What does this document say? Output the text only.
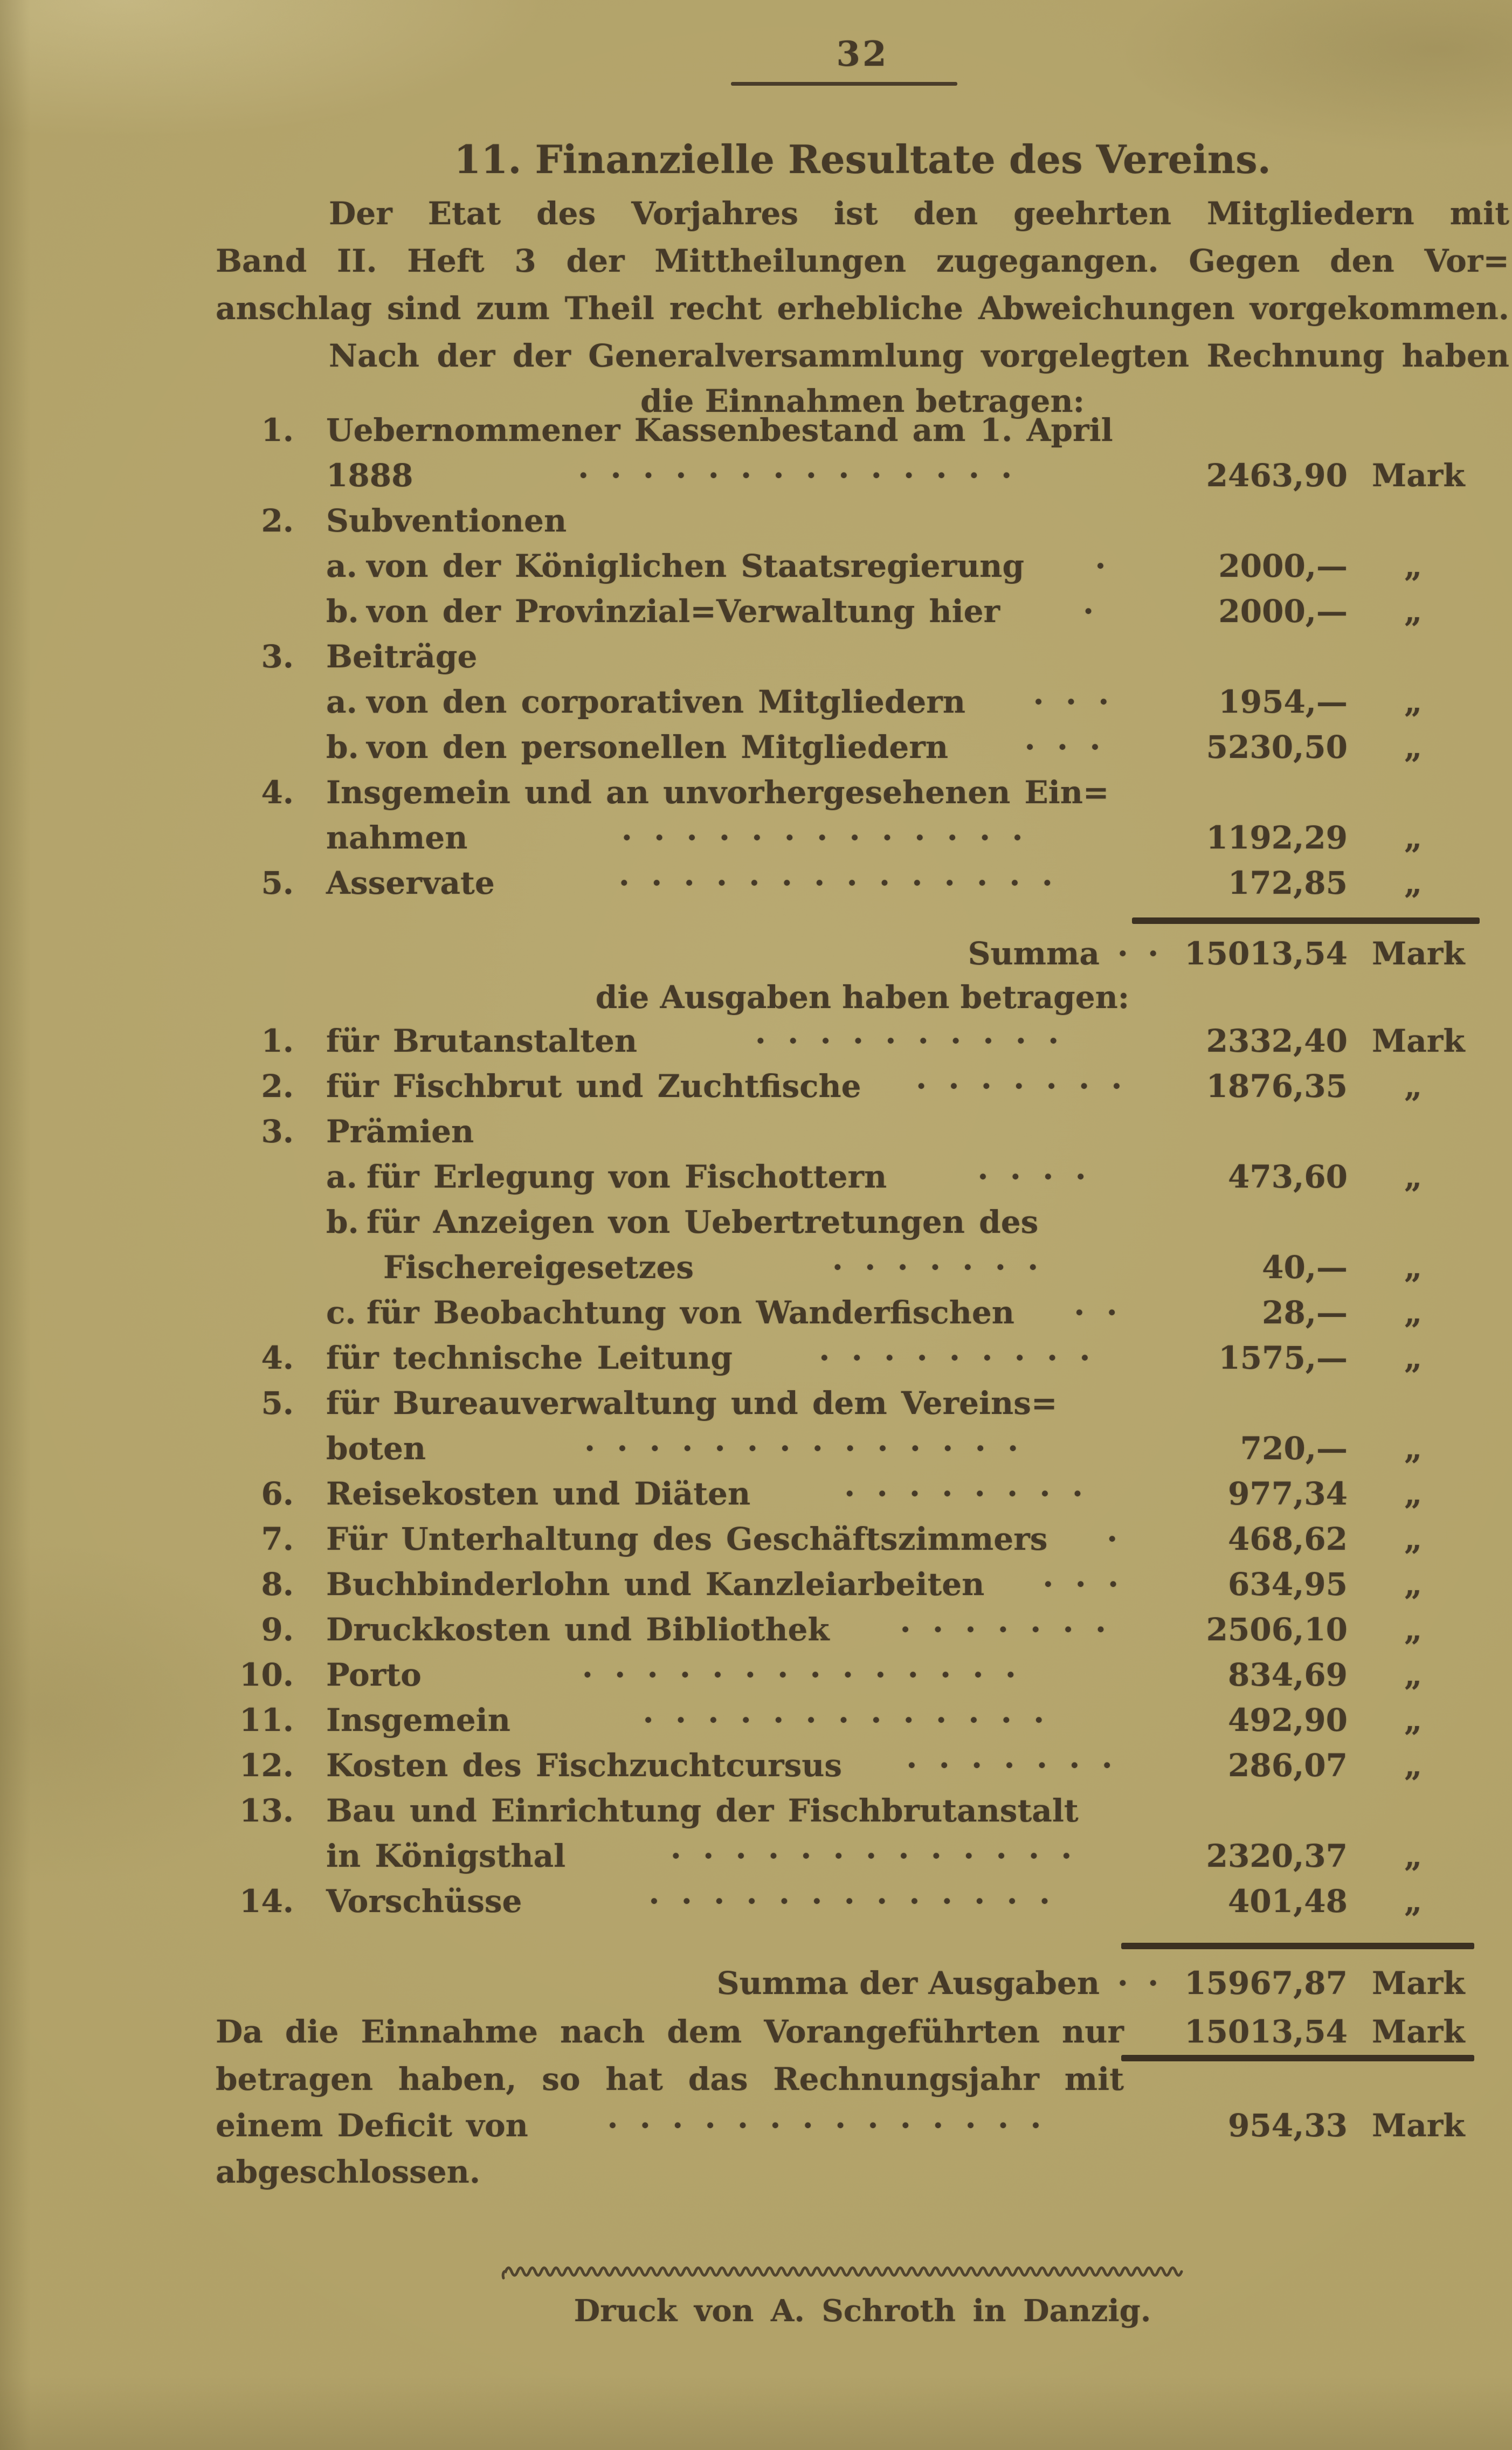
32
11. Finanzielle Resultate des Vereins.
Der Etat des Vorjahres ist den geehrten Mitgliedern mit
Band II. Heft 3 der Mittheilungen zugegangen. Gegen den Vor=
anschlag sind zum Theil recht erhebliche Abweichungen vorgekommen.
Nach der der Generalversammlung vorgelegten Rechnung haben
die Einnahmen betragen:
1. Uebernommener Kassenbestand am 1. April
1888	· · · · · · · · · · · · · ·	2463,90 Mark
2. Subventionen
a. von der Königlichen Staatsregierung	·	2000,—	„
b. von der Provinzial=Verwaltung hier	·	2000,—	„
3. Beiträge
a. von den corporativen Mitgliedern	· · ·	1954,—	„
b. von den personellen Mitgliedern	· · ·	5230,50	„
4. Insgemein und an unvorhergesehenen Ein=
nahmen	· · · · · · · · · · · · ·	1192,29	„
5. Asservate	· · · · · · · · · · · · · ·	172,85	„
Summa · · 15013,54 Mark
die Ausgaben haben betragen:
1. für Brutanstalten	· · · · · · · · · ·	2332,40 Mark
2. für Fischbrut und Zuchtfische	· · · · · · ·	1876,35	„
3. Prämien
a. für Erlegung von Fischottern	· · · ·	473,60	„
b. für Anzeigen von Uebertretungen des
Fischereigesetzes	· · · · · · ·	40,—	„
c. für Beobachtung von Wanderfischen	· ·	28,—	„
4. für technische Leitung	· · · · · · · · ·	1575,—	„
5. für Bureauverwaltung und dem Vereins=
boten	· · · · · · · · · · · · · ·	720,—	„
6. Reisekosten und Diäten	· · · · · · · ·	977,34	„
7. Für Unterhaltung des Geschäftszimmers	·	468,62	„
8. Buchbinderlohn und Kanzleiarbeiten	· · ·	634,95	„
9. Druckkosten und Bibliothek	· · · · · · ·	2506,10	„
10. Porto	· · · · · · · · · · · · · ·	834,69	„
11. Insgemein	· · · · · · · · · · · · ·	492,90	„
12. Kosten des Fischzuchtcursus	· · · · · · ·	286,07	„
13. Bau und Einrichtung der Fischbrutanstalt
in Königsthal	· · · · · · · · · · · · ·	2320,37	„
14. Vorschüsse	· · · · · · · · · · · · ·	401,48	„
Summa der Ausgaben · · 15967,87 Mark
Da die Einnahme nach dem Vorangeführten nur	15013,54 Mark
betragen haben, so hat das Rechnungsjahr mit
einem Deficit von	· · · · · · · · · · · · · ·	954,33 Mark
abgeschlossen.
Druck von A. Schroth in Danzig.
